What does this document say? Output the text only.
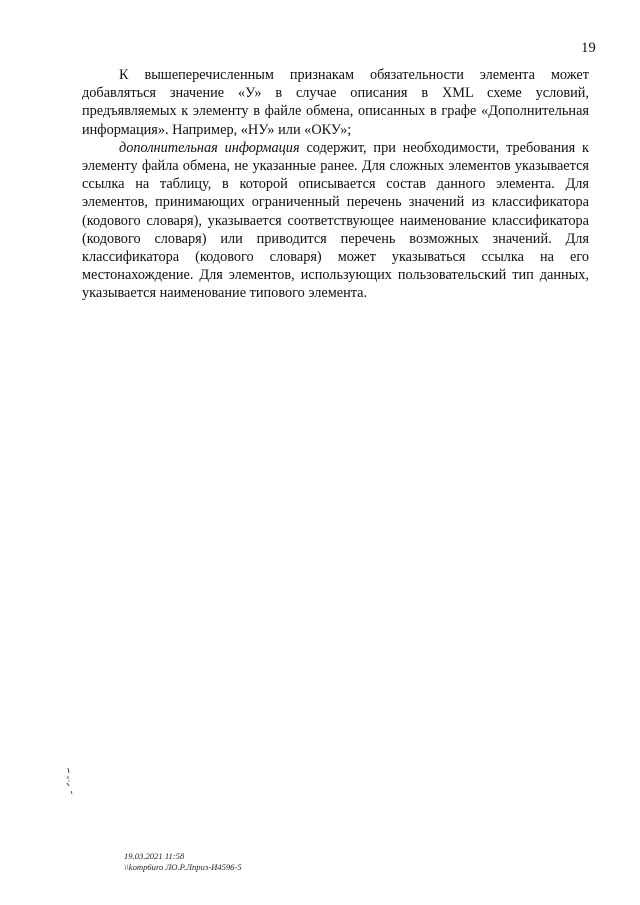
19

К вышеперечисленным признакам обязательности элемента может добавляться значение «У» в случае описания в XML схеме условий, предъявляемых к элементу в файле обмена, описанных в графе «Дополнительная информация». Например, «НУ» или «ОКУ»;

дополнительная информация содержит, при необходимости, требования к элементу файла обмена, не указанные ранее. Для сложных элементов указывается ссылка на таблицу, в которой описывается состав данного элемента. Для элементов, принимающих ограниченный перечень значений из классификатора (кодового словаря), указывается соответствующее наименование классификатора (кодового словаря) или приводится перечень возможных значений. Для классификатора (кодового словаря) может указываться ссылка на его местонахождение. Для элементов, использующих пользовательский тип данных, указывается наименование типового элемента.

19.03.2021 11:58
\\komp6uro ЛО.Р.Лприз-И4596-5
